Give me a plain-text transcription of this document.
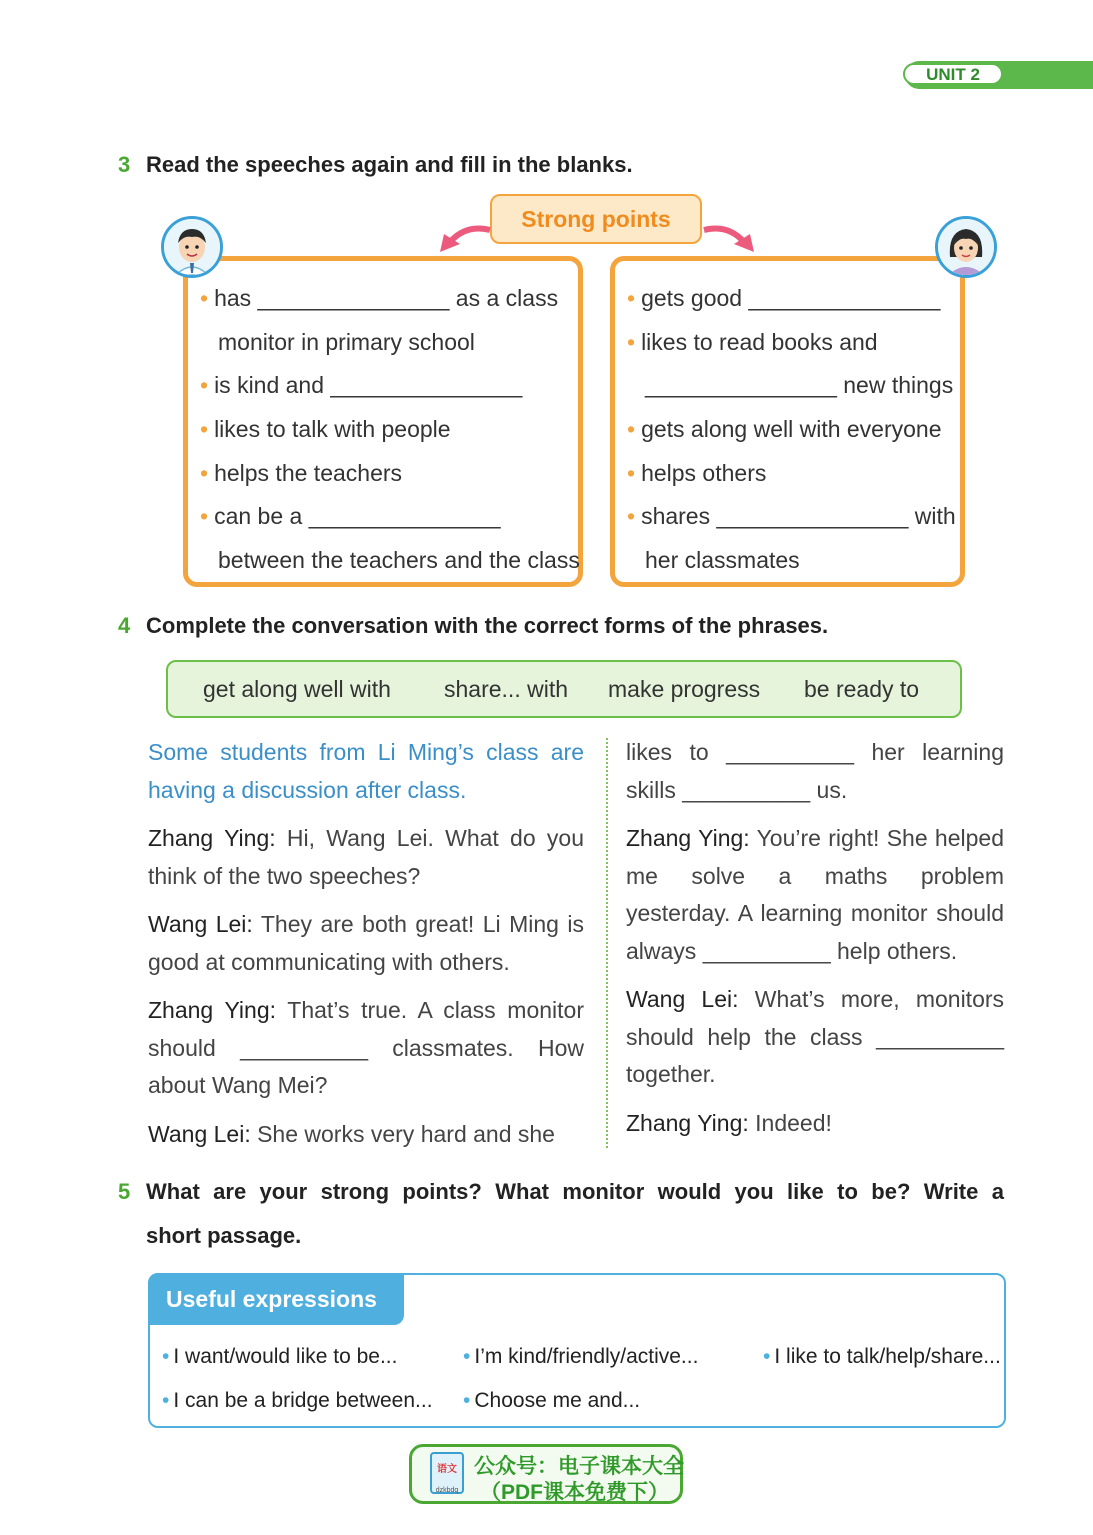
UNIT 2
3 Read the speeches again and fill in the blanks.
Strong points
• has _______________ as a class
monitor in primary school
• is kind and _______________
• likes to talk with people
• helps the teachers
• can be a _______________
between the teachers and the class
• gets good _______________
• likes to read books and
_______________ new things
• gets along well with everyone
• helps others
• shares _______________ with
her classmates
4 Complete the conversation with the correct forms of the phrases.
get along well with share... with make progress be ready to
Some students from Li Ming’s class are having a discussion after class.
Zhang Ying: Hi, Wang Lei. What do you think of the two speeches?
Wang Lei: They are both great! Li Ming is good at communicating with others.
Zhang Ying: That’s true. A class monitor should __________ classmates. How about Wang Mei?
Wang Lei: She works very hard and she
likes to __________ her learning skills __________ us.
Zhang Ying: You’re right! She helped me solve a maths problem yesterday. A learning monitor should always __________ help others.
Wang Lei: What’s more, monitors should help the class __________ together.
Zhang Ying: Indeed!
5 What are your strong points? What monitor would you like to be? Write a
short passage.
Useful expressions
• I want/would like to be...	• I’m kind/friendly/active...	• I like to talk/help/share...
• I can be a bridge between... • Choose me and...
语文
dzkbdq
公众号：电子课本大全
（PDF课本免费下）
